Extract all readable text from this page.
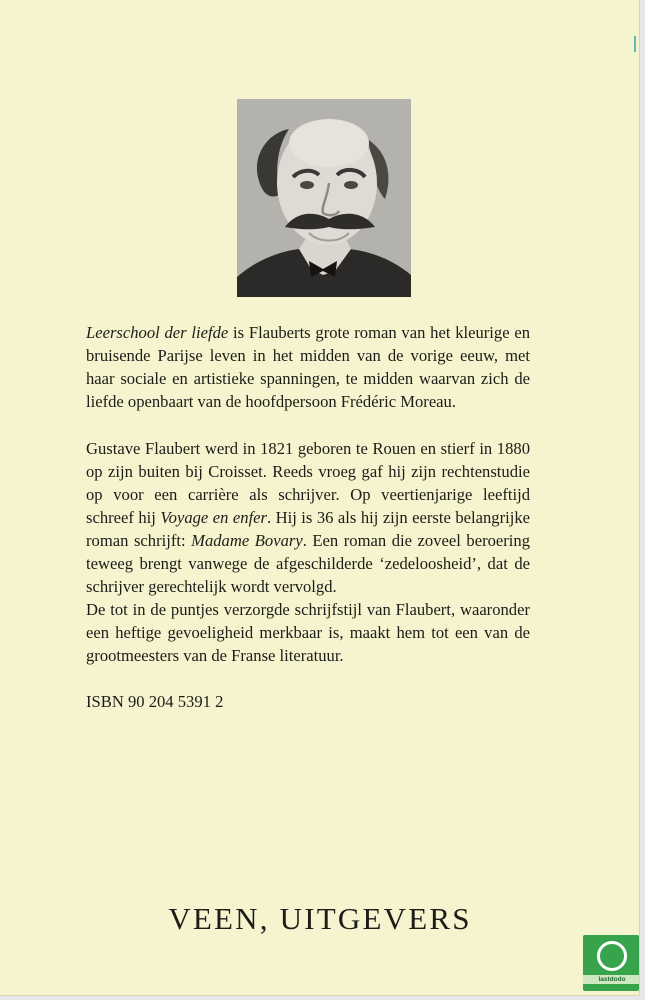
Leerschool der liefde is Flauberts grote roman van het kleurige en bruisende Parijse leven in het midden van de vorige eeuw, met haar sociale en artistieke spanningen, te midden waarvan zich de liefde openbaart van de hoofdpersoon Frédéric Moreau.

Gustave Flaubert werd in 1821 geboren te Rouen en stierf in 1880 op zijn buiten bij Croisset. Reeds vroeg gaf hij zijn rechtenstudie op voor een carrière als schrijver. Op veertienjarige leeftijd schreef hij Voyage en enfer. Hij is 36 als hij zijn eerste belangrijke roman schrijft: Madame Bovary. Een roman die zoveel beroering teweeg brengt vanwege de afgeschilderde ‘zedeloosheid’, dat de schrijver gerechtelijk wordt vervolgd.

De tot in de puntjes verzorgde schrijfstijl van Flaubert, waaronder een heftige gevoeligheid merkbaar is, maakt hem tot een van de grootmeesters van de Franse literatuur.

ISBN 90 204 5391 2

VEEN, UITGEVERS

lastdodo
